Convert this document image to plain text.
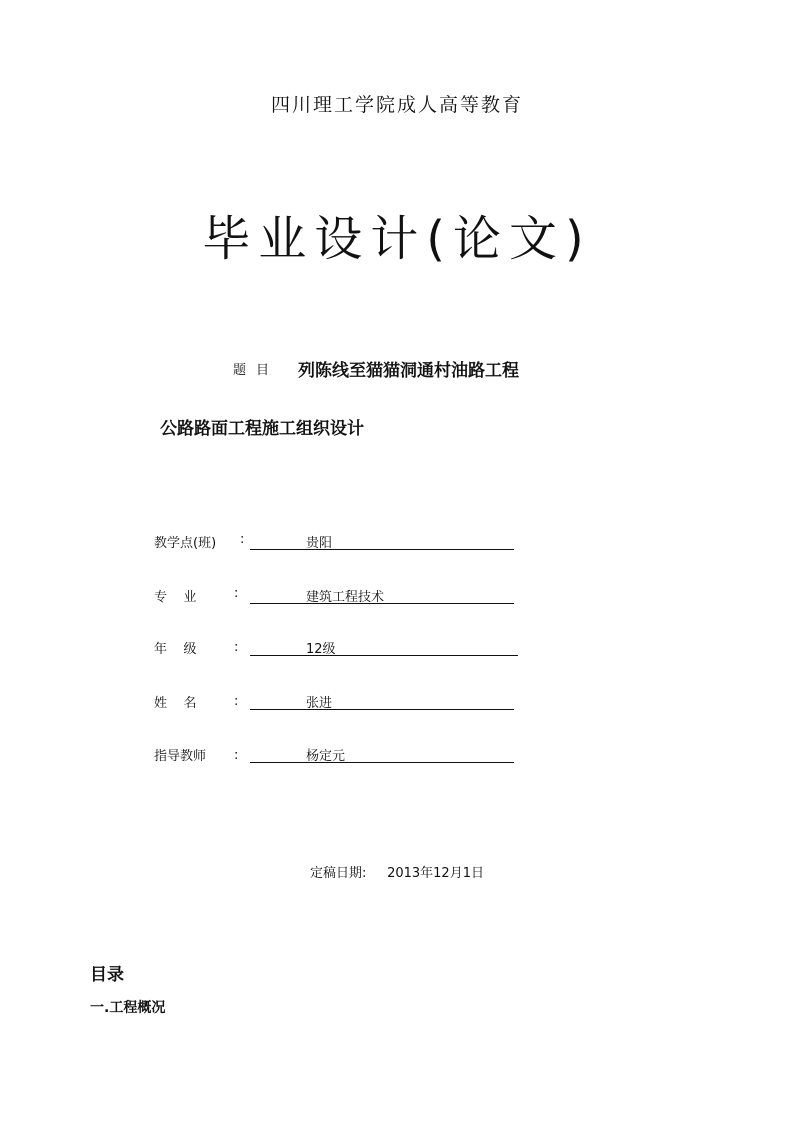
四川理工学院成人高等教育
毕业设计(论文)
题目 列陈线至猫猫洞通村油路工程
公路路面工程施工组织设计
教学点(班) :	贵阳
专    业	:	建筑工程技术
年    级	:	12级
姓    名	:	张进
指导教师 :	杨定元
定稿日期: 2013年12月1日
目录
一.工程概况
